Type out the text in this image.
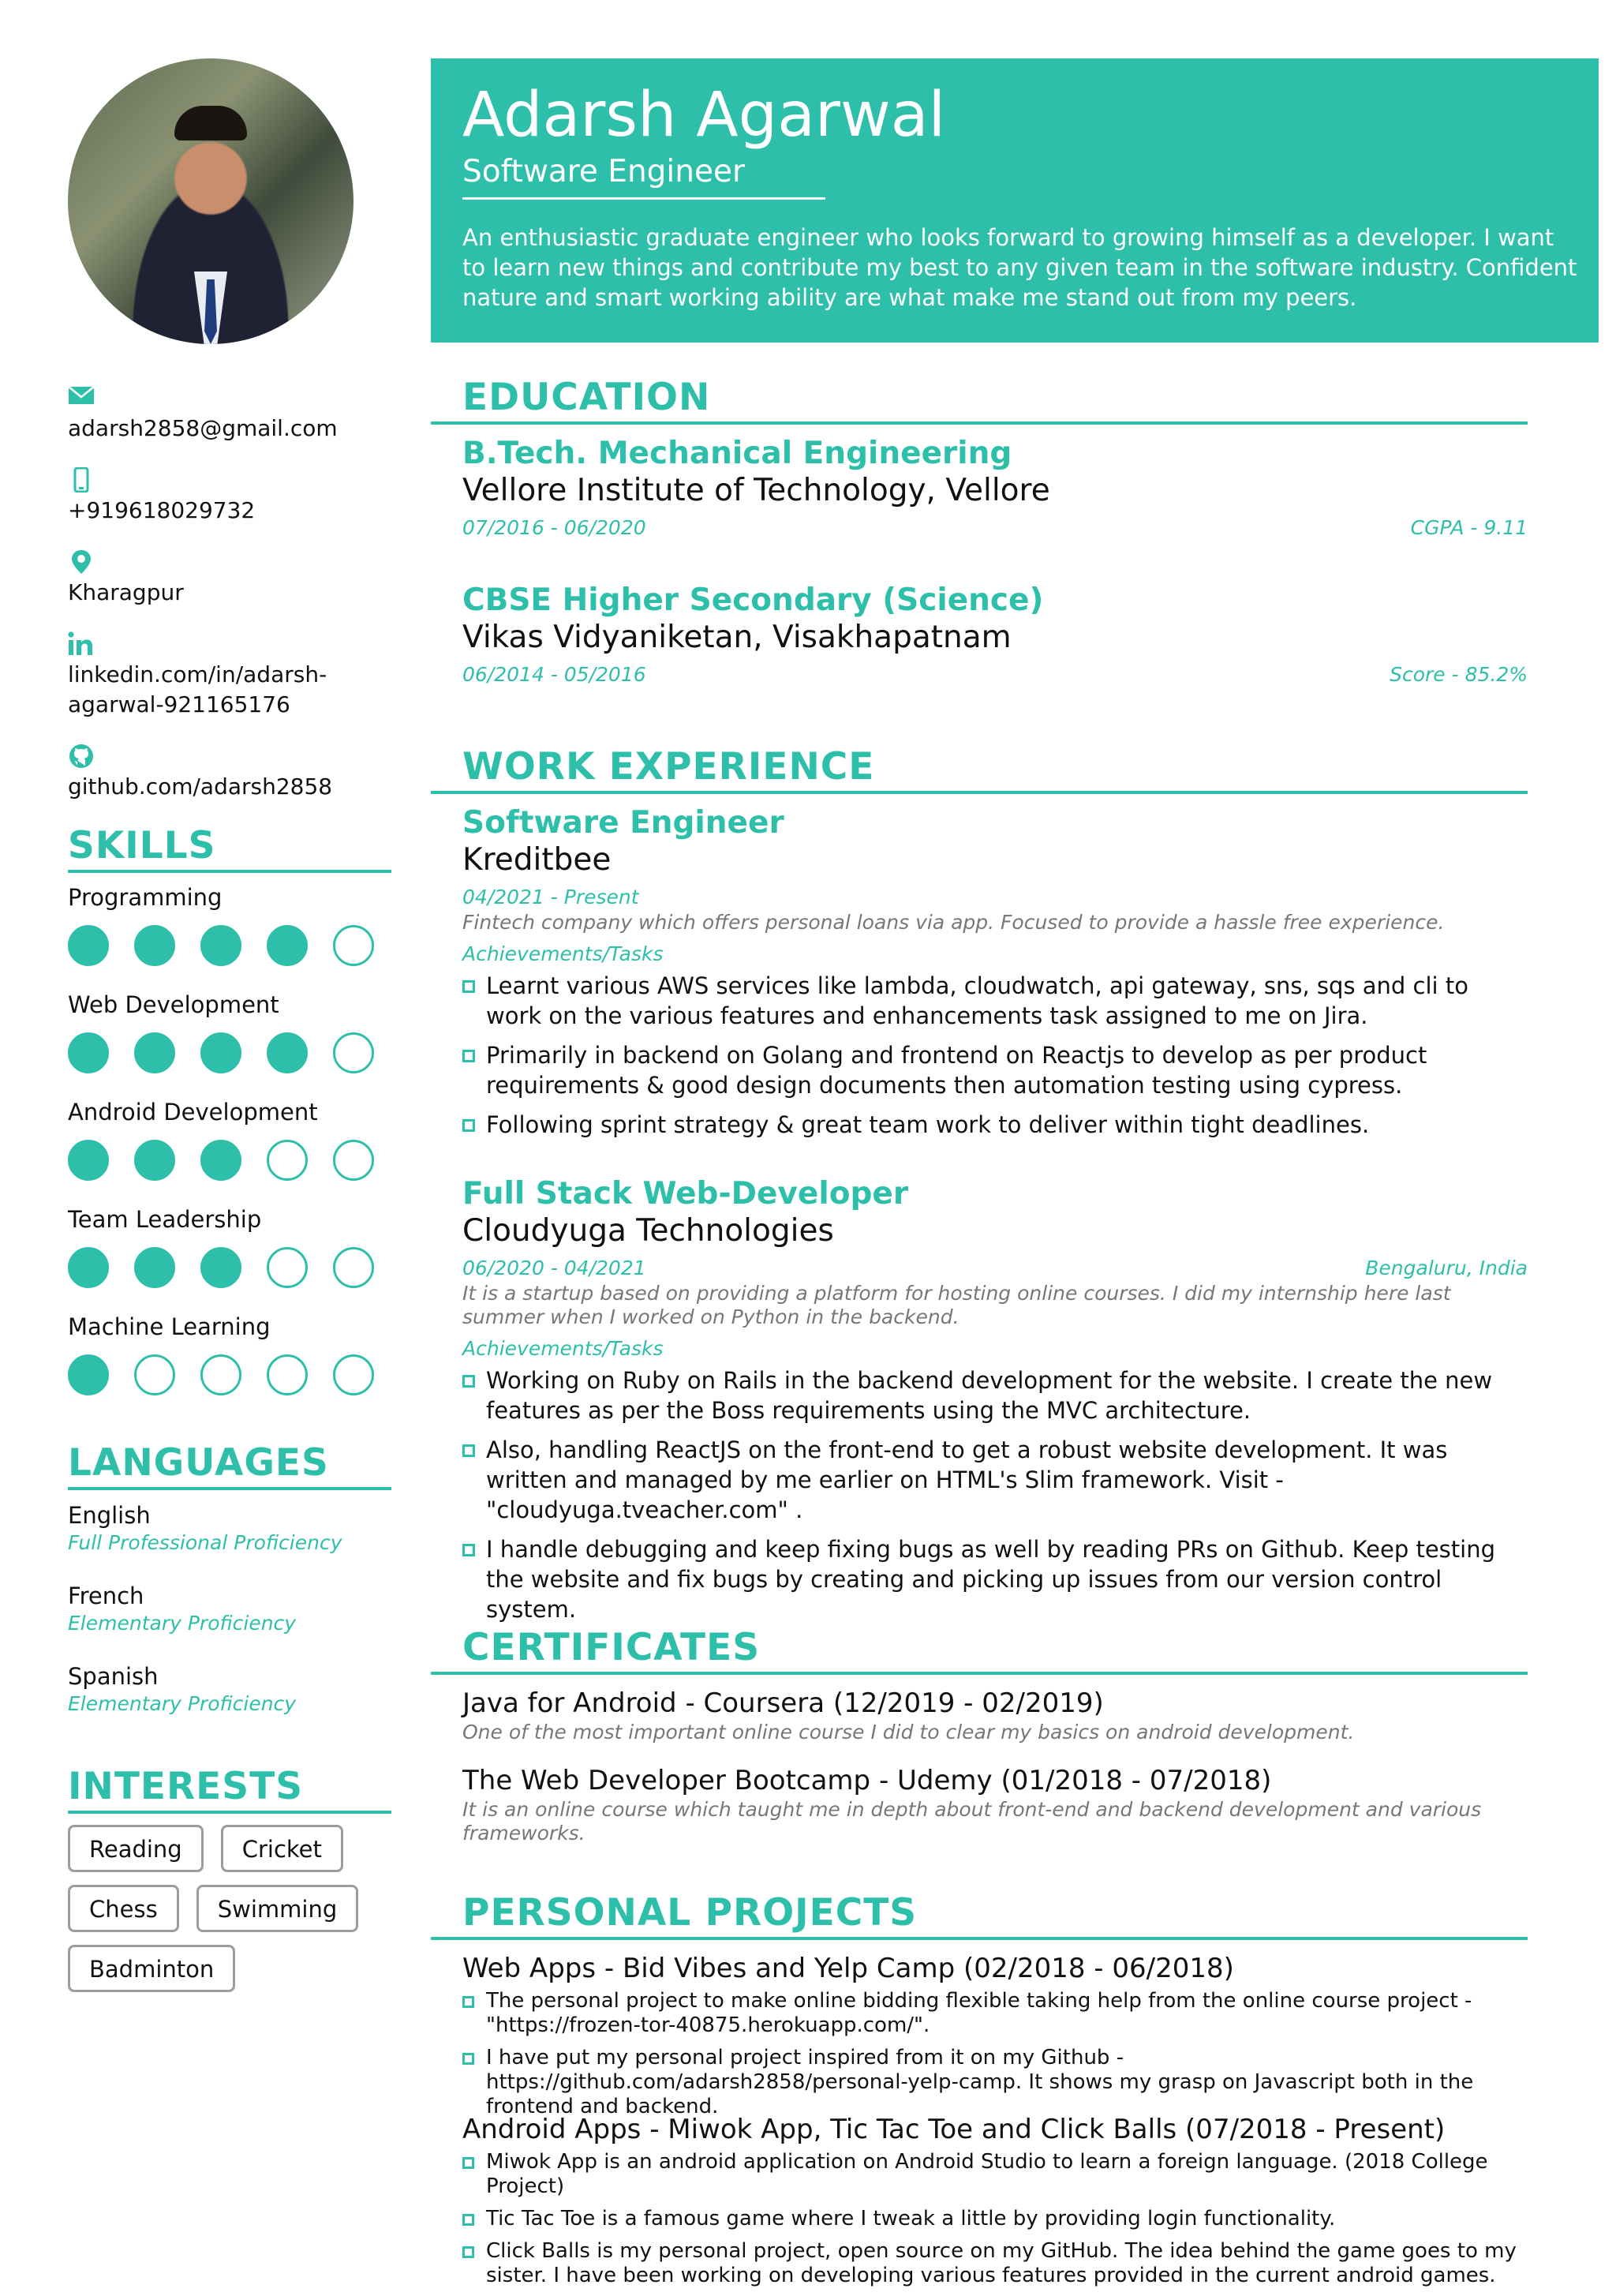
adarsh2858@gmail.com
+919618029732
Kharagpur
linkedin.com/in/adarsh-
agarwal-921165176
github.com/adarsh2858
SKILLS
Programming
Web Development
Android Development
Team Leadership
Machine Learning
LANGUAGES
English
Full Professional Proficiency
French
Elementary Proficiency
Spanish
Elementary Proficiency
INTERESTS
Reading	Cricket
Chess	Swimming
Badminton
Adarsh Agarwal
Software Engineer
An enthusiastic graduate engineer who looks forward to growing himself as a developer. I want to learn new things and contribute my best to any given team in the software industry. Confident nature and smart working ability are what make me stand out from my peers.
EDUCATION
B.Tech. Mechanical Engineering
Vellore Institute of Technology, Vellore
07/2016 - 06/2020	CGPA - 9.11
CBSE Higher Secondary (Science)
Vikas Vidyaniketan, Visakhapatnam
06/2014 - 05/2016	Score - 85.2%
WORK EXPERIENCE
Software Engineer
Kreditbee
04/2021 - Present
Fintech company which offers personal loans via app. Focused to provide a hassle free experience.
Achievements/Tasks
Learnt various AWS services like lambda, cloudwatch, api gateway, sns, sqs and cli to work on the various features and enhancements task assigned to me on Jira.
Primarily in backend on Golang and frontend on Reactjs to develop as per product requirements & good design documents then automation testing using cypress.
Following sprint strategy & great team work to deliver within tight deadlines.
Full Stack Web-Developer
Cloudyuga Technologies
06/2020 - 04/2021	Bengaluru, India
It is a startup based on providing a platform for hosting online courses. I did my internship here last summer when I worked on Python in the backend.
Achievements/Tasks
Working on Ruby on Rails in the backend development for the website. I create the new features as per the Boss requirements using the MVC architecture.
Also, handling ReactJS on the front-end to get a robust website development. It was written and managed by me earlier on HTML's Slim framework. Visit - "cloudyuga.tveacher.com" .
I handle debugging and keep fixing bugs as well by reading PRs on Github. Keep testing the website and fix bugs by creating and picking up issues from our version control system.
CERTIFICATES
Java for Android - Coursera (12/2019 - 02/2019)
One of the most important online course I did to clear my basics on android development.
The Web Developer Bootcamp - Udemy (01/2018 - 07/2018)
It is an online course which taught me in depth about front-end and backend development and various frameworks.
PERSONAL PROJECTS
Web Apps - Bid Vibes and Yelp Camp (02/2018 - 06/2018)
The personal project to make online bidding flexible taking help from the online course project - "https://frozen-tor-40875.herokuapp.com/".
I have put my personal project inspired from it on my Github - https://github.com/adarsh2858/personal-yelp-camp. It shows my grasp on Javascript both in the frontend and backend.
Android Apps - Miwok App, Tic Tac Toe and Click Balls (07/2018 - Present)
Miwok App is an android application on Android Studio to learn a foreign language. (2018 College Project)
Tic Tac Toe is a famous game where I tweak a little by providing login functionality.
Click Balls is my personal project, open source on my GitHub. The idea behind the game goes to my sister. I have been working on developing various features provided in the current android games.
